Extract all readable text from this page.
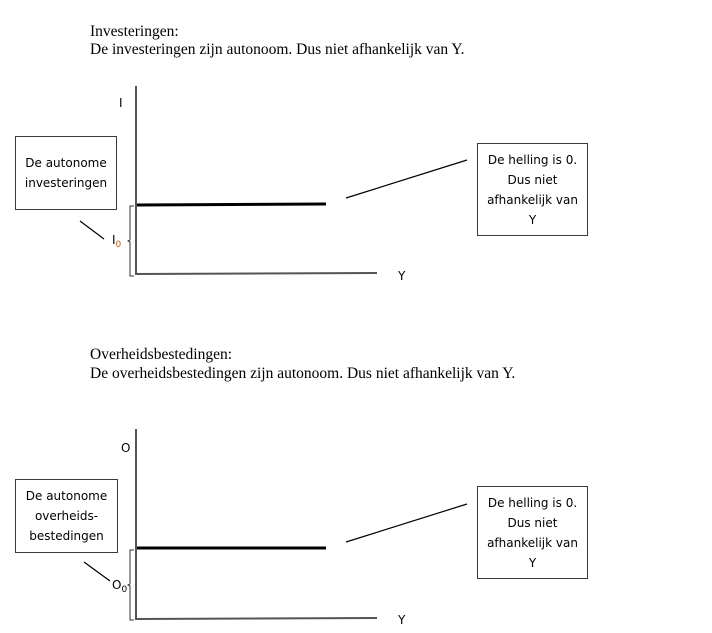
Investeringen:
De investeringen zijn autonoom. Dus niet afhankelijk van Y.
Overheidsbestedingen:
De overheidsbestedingen zijn autonoom. Dus niet afhankelijk van Y.
I
Y
$I_0$
De autonome
investeringen
De helling is 0.
Dus niet
afhankelijk van
Y
O
Y
$O_0$
De autonome
overheids-
bestedingen
De helling is 0.
Dus niet
afhankelijk van
Y
